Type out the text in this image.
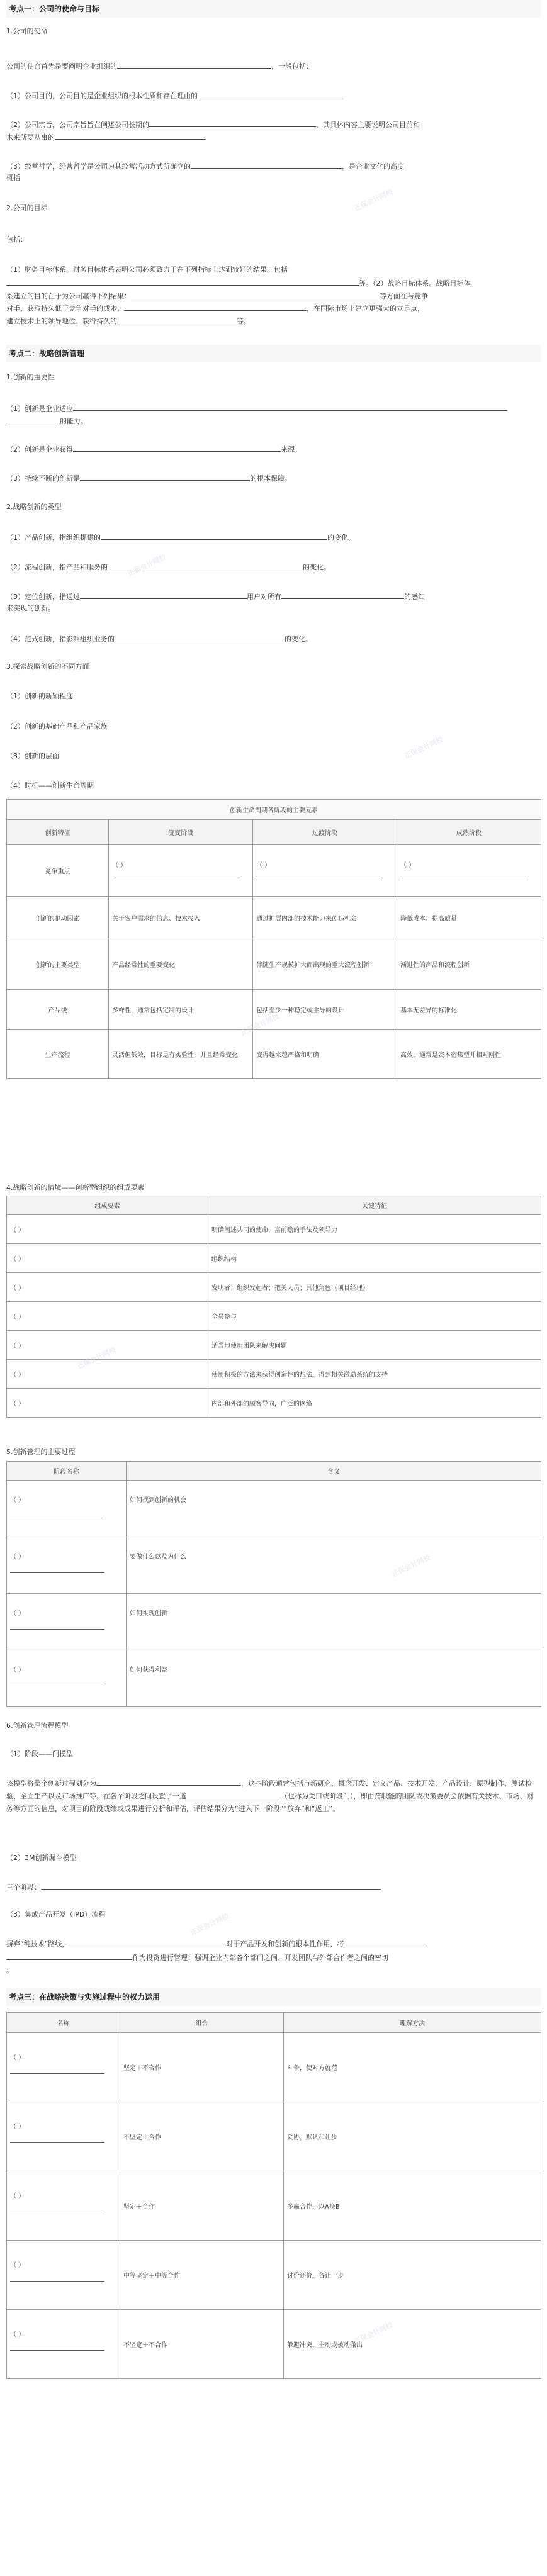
考点一：公司的使命与目标
1.公司的使命
公司的使命首先是要阐明企业组织的	，一般包括：
（1）公司目的，公司目的是企业组织的根本性质和存在理由的
（2）公司宗旨，公司宗旨旨在阐述公司长期的	，其具体内容主要说明公司目前和
未来所要从事的
（3）经营哲学，经营哲学是公司为其经营活动方式所确立的	，是企业文化的高度
概括
2.公司的目标
包括：
（1）财务目标体系。财务目标体系表明公司必须致力于在下列指标上达到较好的结果。包括
等。（2）战略目标体系。战略目标体
系建立的目的在于为公司赢得下列结果：	等方面在与竞争
对手、获取持久低于竞争对手的成本、	，在国际市场上建立更强大的立足点，
建立技术上的领导地位、获得持久的	等。
考点二：战略创新管理
1.创新的重要性
（1）创新是企业适应
的能力。
（2）创新是企业获得	来源。
（3）持续不断的创新是	的根本保障。
2.战略创新的类型
（1）产品创新，指组织提供的	的变化。
（2）流程创新，指产品和服务的	的变化。
（3）定位创新，指通过	用户对所有	的感知
来实现的创新。
（4）范式创新，指影响组织业务的	的变化。
3.探索战略创新的不同方面
（1）创新的新颖程度
（2）创新的基础产品和产品家族
（3）创新的层面
（4）时机——创新生命周期
创新生命周期各阶段的主要元素			
创新特征	流变阶段	过渡阶段	成熟阶段
竞争重点	（ ）	（ ）	（ ）

创新的驱动因素	关于客户需求的信息、技术投入	通过扩展内部的技术能力来创造机会	降低成本、提高质量
创新的主要类型	产品经常性的重要变化	伴随生产规模扩大而出现的重大流程创新	渐进性的产品和流程创新
产品线	多样性，通常包括定制的设计	包括至少一种稳定或主导的设计	基本无差异的标准化
生产流程	灵活但低效，目标是有实验性，并且经常变化	变得越来越严格和明确	高效，通常是资本密集型并相对刚性
4.战略创新的情境——创新型组织的组成要素
组成要素	关键特征
（ ）	明确阐述共同的使命，富前瞻的手法及领导力
（ ）	组织结构
（ ）	发明者；组织发起者；把关人员；其他角色（项目经理）
（ ）	全员参与
（ ）	适当地使用团队来解决问题
（ ）	使用积极的方法来获得创造性的想法，得到相关激励系统的支持
（ ）	内部和外部的顾客导向，广泛的网络
5.创新管理的主要过程
阶段名称	含义

（ ）	如何找到创新的机会

（ ）	要做什么以及为什么

（ ）	如何实现创新

（ ）	如何获得利益
6.创新管理流程模型
（1）阶段——门模型
该模型将整个创新过程划分为	，这些阶段通常包括市场研究、概念开发、定义产品、技术开发、产品设计、原型制作、测试检验、全面生产以及市场推广等。在各个阶段之间设置了一道	（也称为关口或阶段门），即由跨职能的团队或决策委员会依据有关技术、市场、财务等方面的信息，对项目的阶段成绩或成果进行分析和评估，评估结果分为“进入下一阶段”“放弃”和“返工”。
（2）3M创新漏斗模型
三个阶段：
（3）集成产品开发（IPD）流程
摒弃“纯技术”路线，	对于产品开发和创新的根本性作用，将
作为投资进行管理；强调企业内部各个部门之间、开发团队与外部合作者之间的密切
。
考点三：在战略决策与实施过程中的权力运用
名称	组合	理解方法

（ ）	坚定＋不合作	斗争，使对方就范

（ ）	不坚定＋合作	妥协，默认和让步

（ ）	坚定＋合作	多赢合作，以A换B

（ ）	中等坚定＋中等合作	讨价还价，各让一步

（ ）	不坚定＋不合作	躲避冲突，主动或被动撤出
正保会计网校
正保会计网校
正保会计网校
正保会计网校
正保会计网校
正保会计网校
正保会计网校
正保会计网校
